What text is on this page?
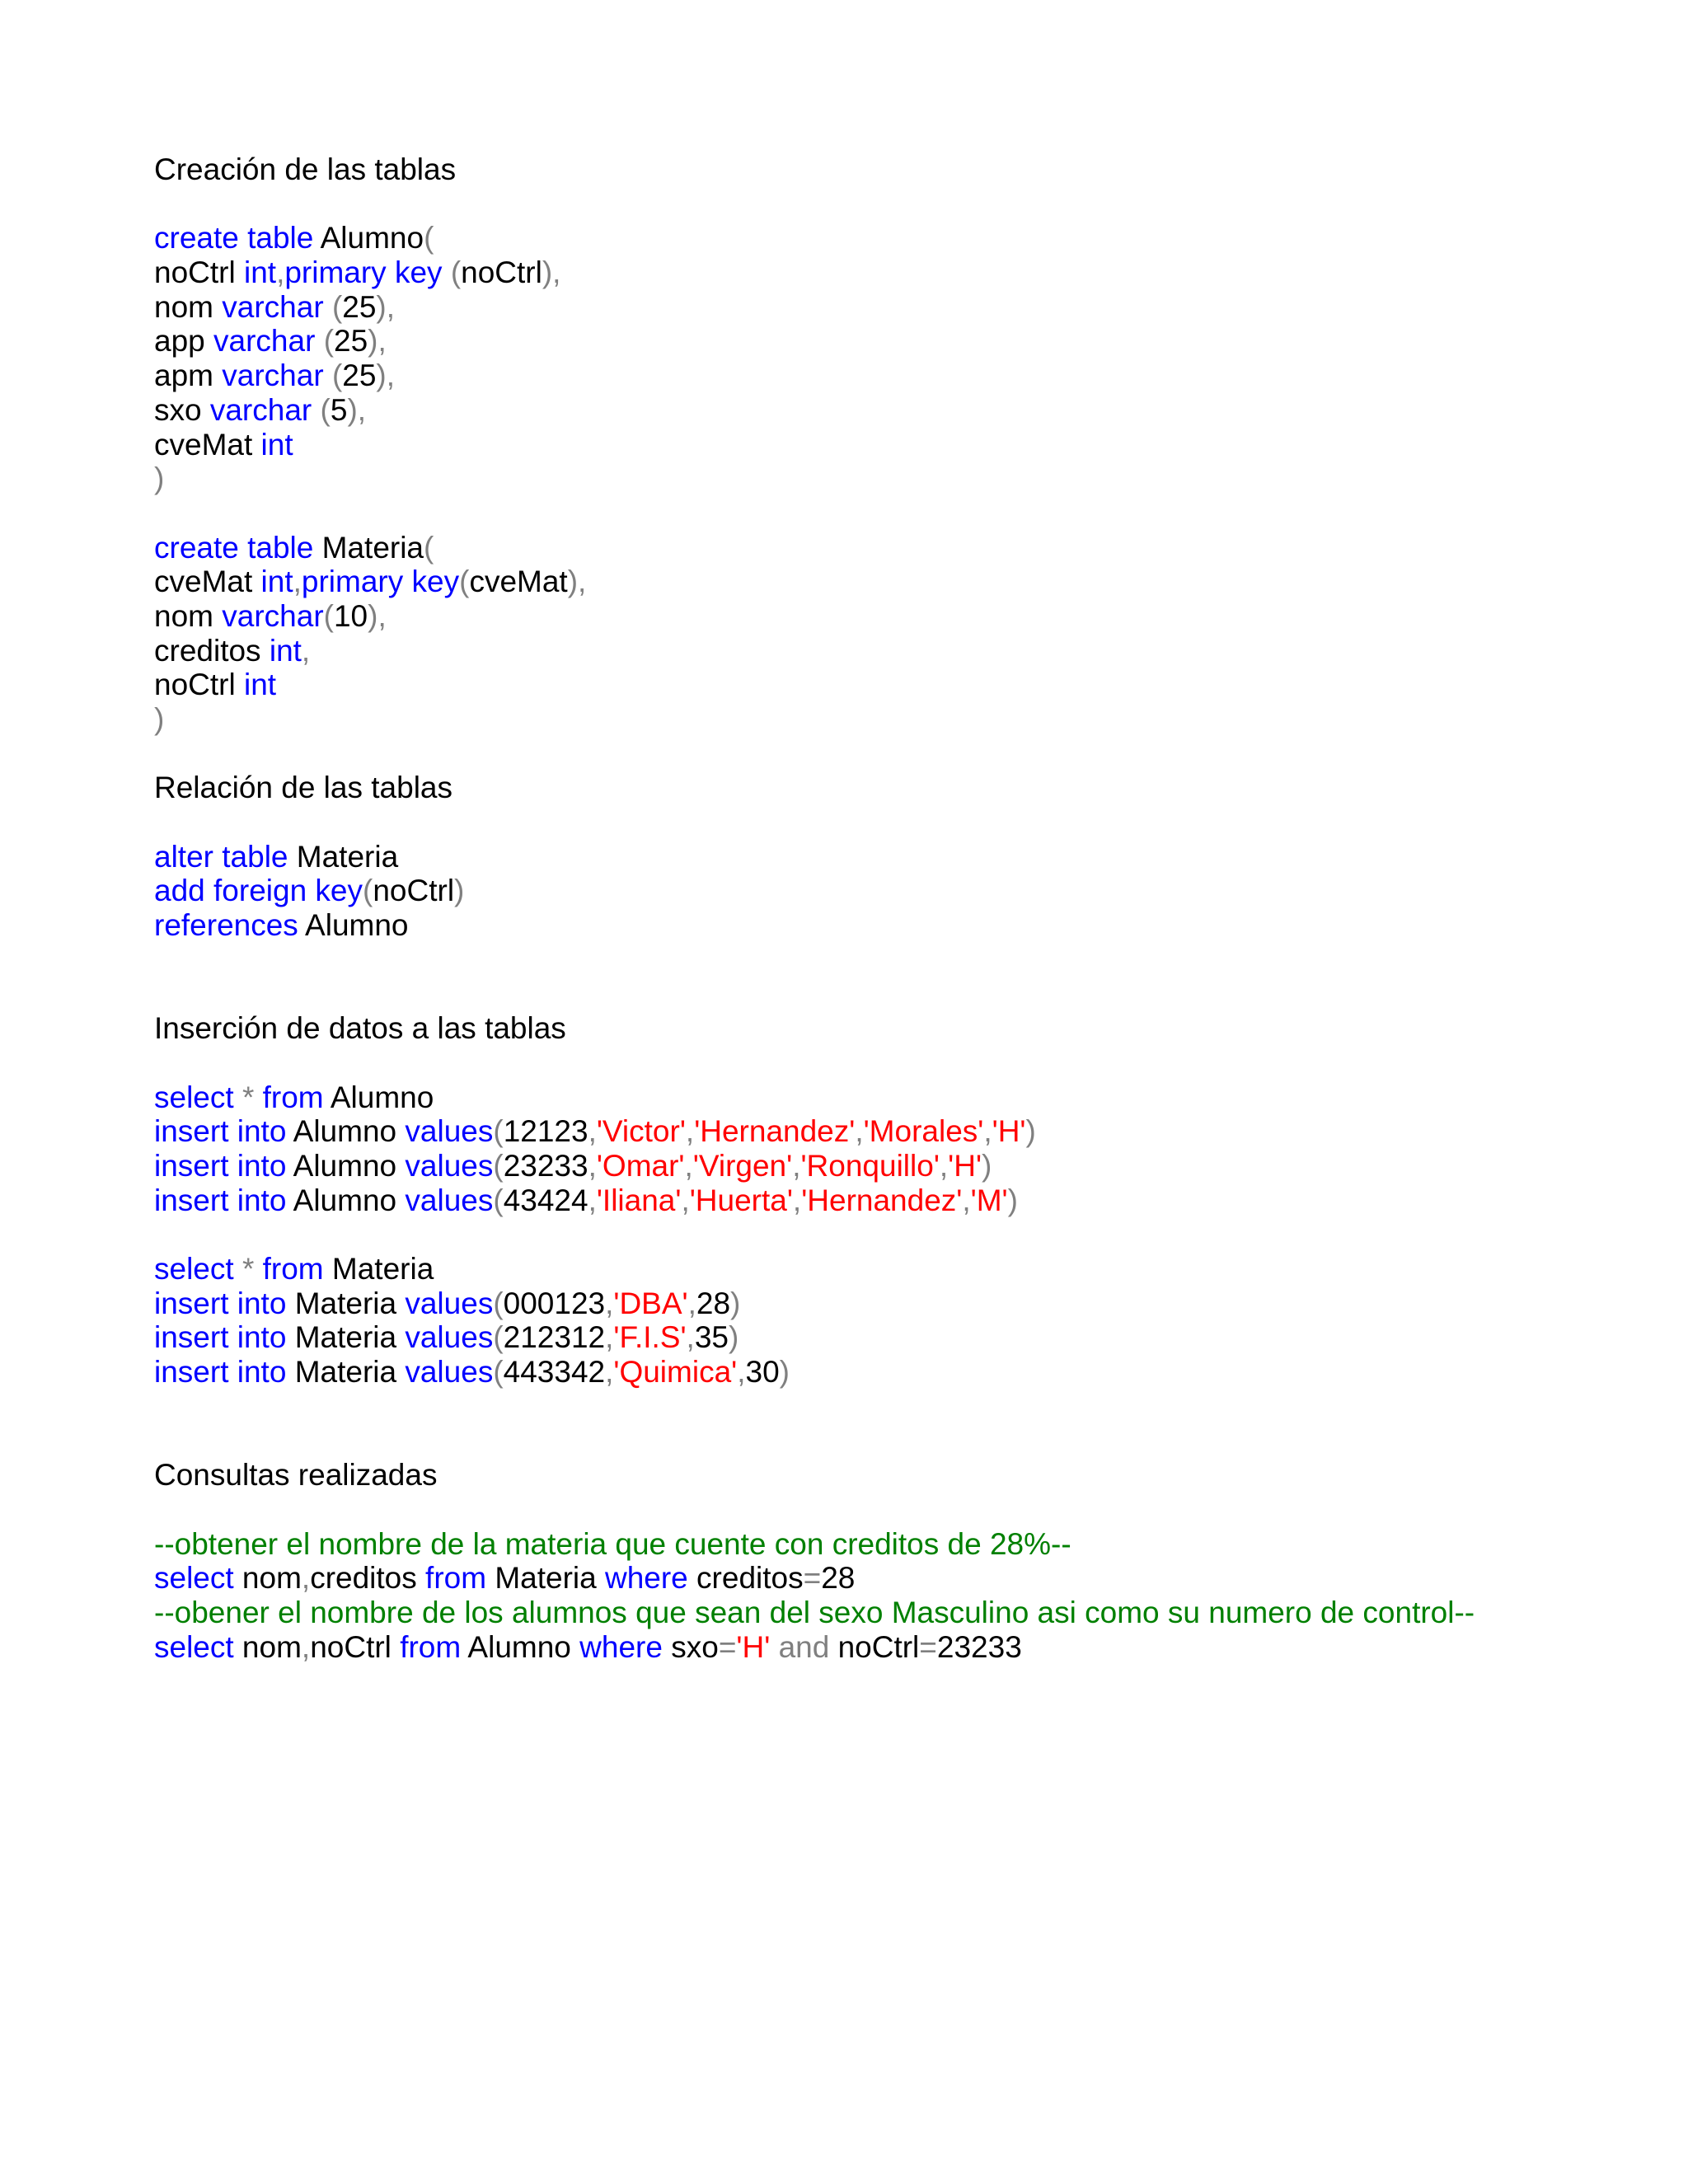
Creación de las tablas
create table Alumno(
noCtrl int,primary key (noCtrl),
nom varchar (25),
app varchar (25),
apm varchar (25),
sxo varchar (5),
cveMat int
)
create table Materia(
cveMat int,primary key(cveMat),
nom varchar(10),
creditos int,
noCtrl int
)
Relación de las tablas
alter table Materia
add foreign key(noCtrl)
references Alumno
Inserción de datos a las tablas
select * from Alumno
insert into Alumno values(12123,'Victor','Hernandez','Morales','H')
insert into Alumno values(23233,'Omar','Virgen','Ronquillo','H')
insert into Alumno values(43424,'Iliana','Huerta','Hernandez','M')
select * from Materia
insert into Materia values(000123,'DBA',28)
insert into Materia values(212312,'F.I.S',35)
insert into Materia values(443342,'Quimica',30)
Consultas realizadas
--obtener el nombre de la materia que cuente con creditos de 28%--
select nom,creditos from Materia where creditos=28
--obener el nombre de los alumnos que sean del sexo Masculino asi como su numero de control--
select nom,noCtrl from Alumno where sxo='H' and noCtrl=23233
